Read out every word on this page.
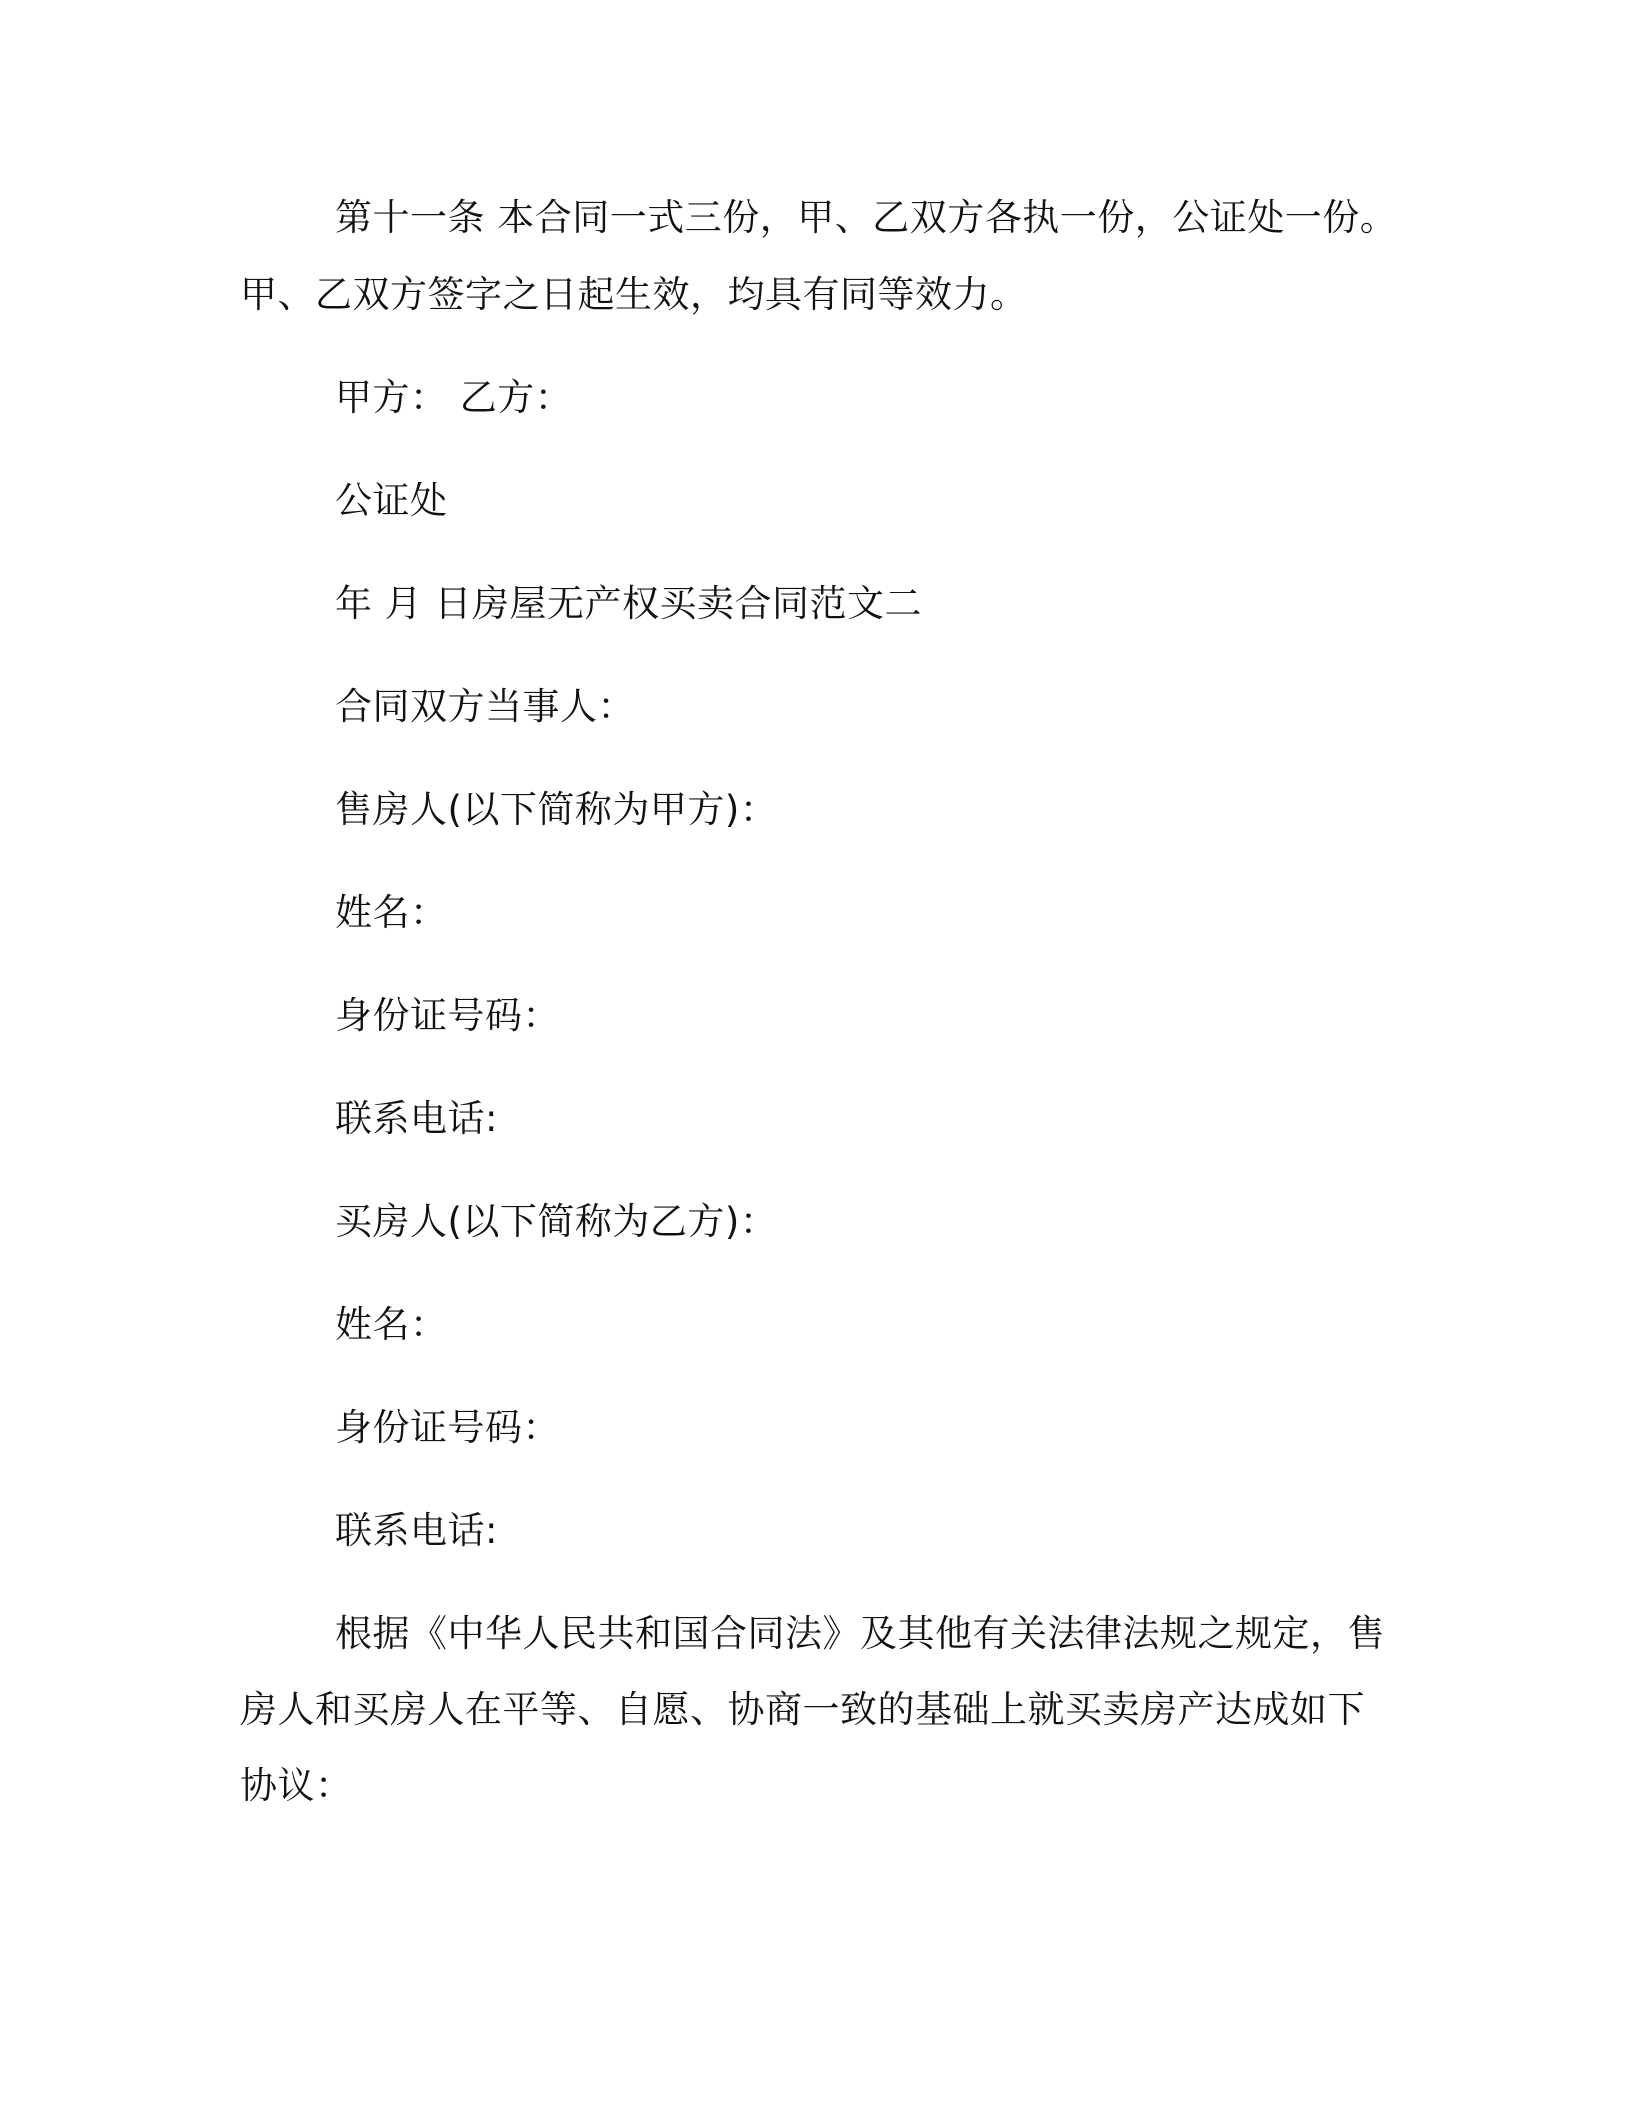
第十一条 本合同一式三份，甲、乙双方各执一份，公证处一份。
甲、乙双方签字之日起生效，均具有同等效力。
甲方： 乙方：
公证处
年 月 日房屋无产权买卖合同范文二
合同双方当事人：
售房人(以下简称为甲方)：
姓名：
身份证号码：
联系电话:
买房人(以下简称为乙方)：
姓名：
身份证号码：
联系电话:
根据《中华人民共和国合同法》及其他有关法律法规之规定，售
房人和买房人在平等、自愿、协商一致的基础上就买卖房产达成如下
协议：
